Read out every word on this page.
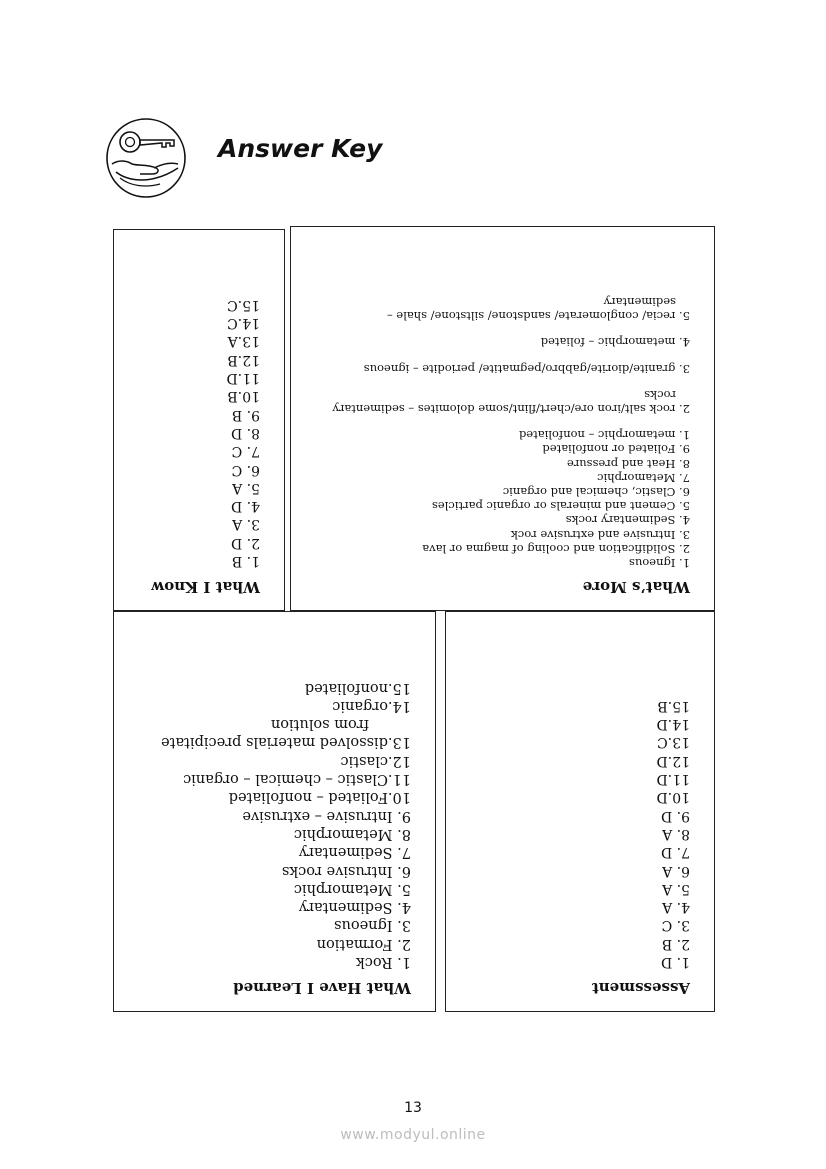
Answer Key
What I Know
1. B
2. D
3. A
4. D
5. A
6. C
7. C
8. D
9. B
10.B
11.D
12.B
13.A
14.C
15.C
What’s More
1. Igneous
2. Solidification and cooling of magma or lava
3. Intrusive and extrusive rock
4. Sedimentary rocks
5. Cement and minerals or organic particles
6. Clastic, chemical and organic
7. Metamorphic
8. Heat and pressure
9. Foliated or nonfoliated
1. metamorphic – nonfoliated
2. rock salt/iron ore/chert/flint/some dolomites – sedimentary
rocks
3. granite/diorite/gabbro/pegmatite/ periodite – igneous
4. metamorphic – foliated
5. recia/ conglomerate/ sandstone/ siltstone/ shale –
sedimentary
Assessment
1. D
2. B
3. C
4. A
5. A
6. A
7. D
8. A
9. D
10.D
11.D
12.D
13.C
14.D
15.B
What Have I Learned
1. Rock
2. Formation
3. Igneous
4. Sedimentary
5. Metamorphic
6. Intrusive rocks
7. Sedimentary
8. Metamorphic
9. Intrusive – extrusive
10.Foliated – nonfoliated
11.Clastic – chemical – organic
12.clastic
13.dissolved materials precipitate
from solution
14.organic
15.nonfoliated
13
www.modyul.online
